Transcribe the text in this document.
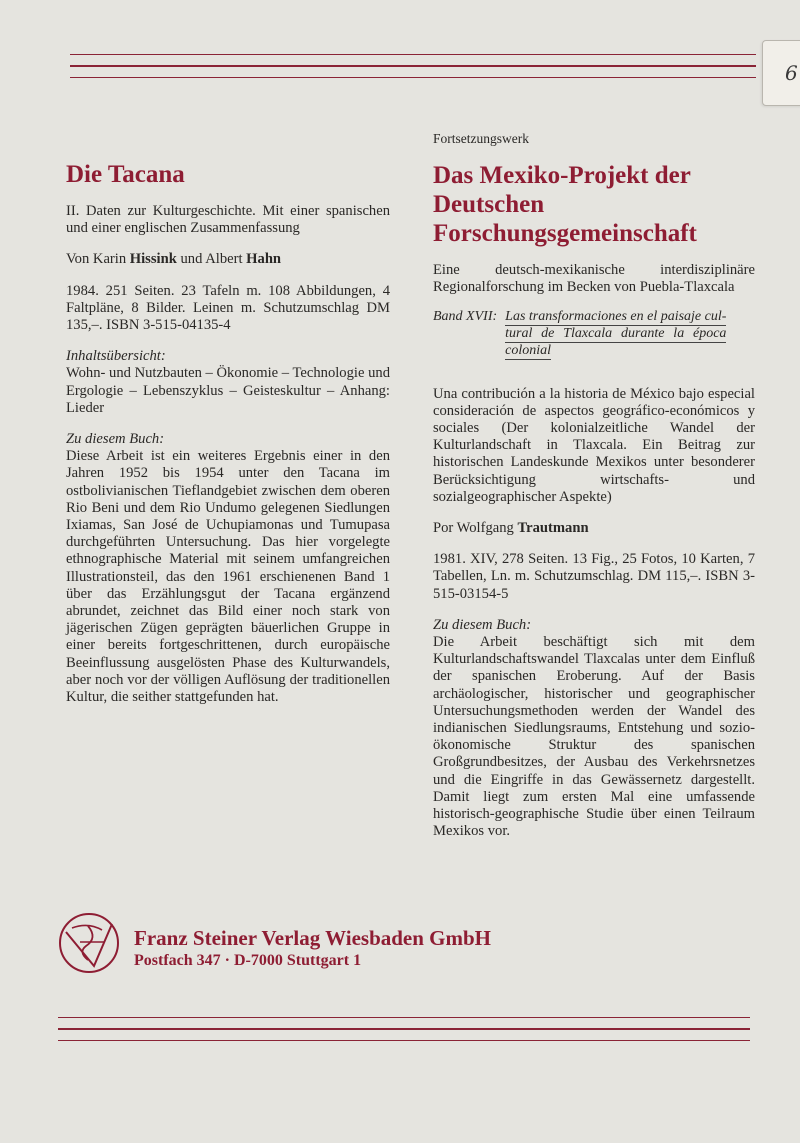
6
Die Tacana

II. Daten zur Kulturgeschichte. Mit einer spanischen und einer englischen Zusammenfassung

Von Karin Hissink und Albert Hahn

1984. 251 Seiten. 23 Tafeln m. 108 Abbildungen, 4 Faltpläne, 8 Bilder. Leinen m. Schutzumschlag DM 135,–. ISBN 3-515-04135-4

Inhaltsübersicht:

Wohn- und Nutzbauten – Ökonomie – Technologie und Ergologie – Lebenszyklus – Geisteskultur – Anhang: Lieder

Zu diesem Buch:

Diese Arbeit ist ein weiteres Ergebnis einer in den Jahren 1952 bis 1954 unter den Tacana im ostbolivianischen Tieflandgebiet zwischen dem oberen Rio Beni und dem Rio Undumo gelegenen Siedlungen Ixiamas, San José de Uchupiamonas und Tumupasa durchgeführten Untersuchung. Das hier vorgelegte ethnographische Material mit seinem umfangreichen Illustrationsteil, das den 1961 erschienenen Band 1 über das Erzählungsgut der Tacana ergänzend abrundet, zeichnet das Bild einer noch stark von jägerischen Zügen geprägten bäuerlichen Gruppe in einer bereits fortgeschrittenen, durch europäische Beeinflussung ausgelösten Phase des Kulturwandels, aber noch vor der völligen Auflösung der traditionellen Kultur, die seither stattgefunden hat.

Fortsetzungswerk
Das Mexiko-Projekt der Deutschen Forschungsgemeinschaft

Eine deutsch-mexikanische interdisziplinäre Regionalforschung im Becken von Puebla-Tlaxcala

Band XVII: Las transformaciones en el paisaje cul-
tural de Tlaxcala durante la época
colonial

Una contribución a la historia de México bajo especial consideración de aspectos geográfico-económicos y sociales (Der kolonialzeitliche Wandel der Kulturlandschaft in Tlaxcala. Ein Beitrag zur historischen Landeskunde Mexikos unter besonderer Berücksichtigung wirtschafts- und sozialgeographischer Aspekte)

Por Wolfgang Trautmann

1981. XIV, 278 Seiten. 13 Fig., 25 Fotos, 10 Karten, 7 Tabellen, Ln. m. Schutzumschlag. DM 115,–. ISBN 3-515-03154-5

Zu diesem Buch:

Die Arbeit beschäftigt sich mit dem Kulturlandschaftswandel Tlaxcalas unter dem Einfluß der spanischen Eroberung. Auf der Basis archäologischer, historischer und geographischer Untersuchungsmethoden werden der Wandel des indianischen Siedlungsraums, Entstehung und sozio-ökonomische Struktur des spanischen Großgrundbesitzes, der Ausbau des Verkehrsnetzes und die Eingriffe in das Gewässernetz dargestellt. Damit liegt zum ersten Mal eine umfassende historisch-geographische Studie über einen Teilraum Mexikos vor.

Franz Steiner Verlag Wiesbaden GmbH
Postfach 347 · D-7000 Stuttgart 1
